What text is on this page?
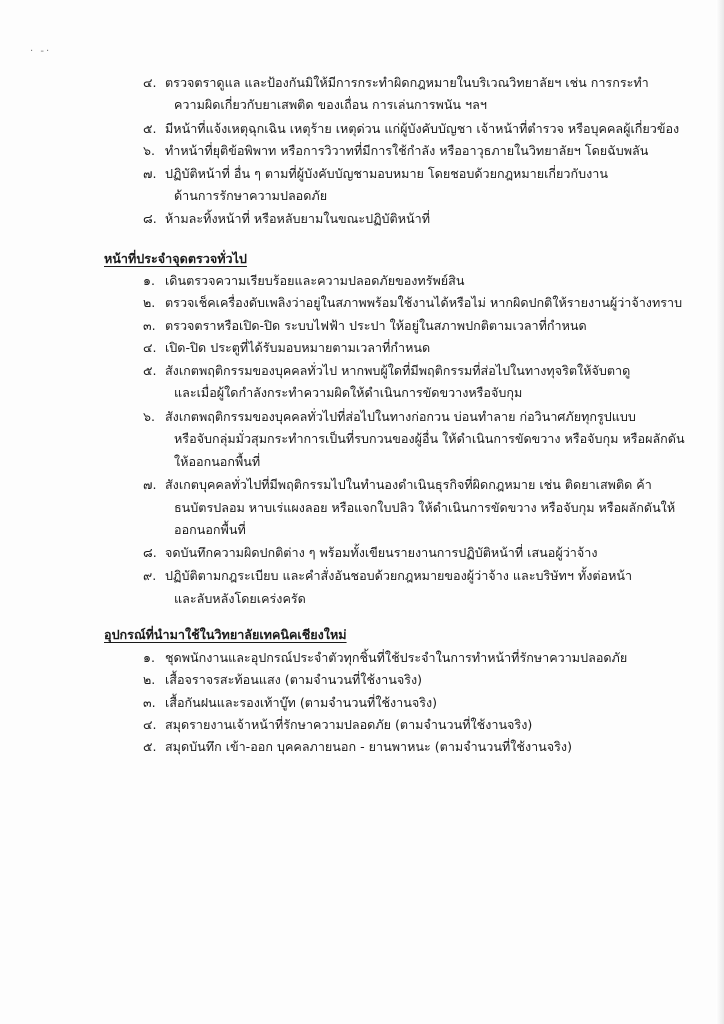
· -·
๔. ตรวจตราดูแล และป้องกันมิให้มีการกระทำผิดกฎหมายในบริเวณวิทยาลัยฯ เช่น การกระทำ
ความผิดเกี่ยวกับยาเสพติด ของเถื่อน การเล่นการพนัน ฯลฯ
๕. มีหน้าที่แจ้งเหตุฉุกเฉิน เหตุร้าย เหตุด่วน แก่ผู้บังคับบัญชา เจ้าหน้าที่ตำรวจ หรือบุคคลผู้เกี่ยวข้อง
๖. ทำหน้าที่ยุติข้อพิพาท หรือการวิวาทที่มีการใช้กำลัง หรืออาวุธภายในวิทยาลัยฯ โดยฉับพลัน
๗. ปฏิบัติหน้าที่ อื่น ๆ ตามที่ผู้บังคับบัญชามอบหมาย โดยชอบด้วยกฎหมายเกี่ยวกับงาน
ด้านการรักษาความปลอดภัย
๘. ห้ามละทิ้งหน้าที่ หรือหลับยามในขณะปฏิบัติหน้าที่
หน้าที่ประจำจุดตรวจทั่วไป
๑. เดินตรวจความเรียบร้อยและความปลอดภัยของทรัพย์สิน
๒. ตรวจเช็คเครื่องดับเพลิงว่าอยู่ในสภาพพร้อมใช้งานได้หรือไม่ หากผิดปกติให้รายงานผู้ว่าจ้างทราบ
๓. ตรวจตราหรือเปิด-ปิด ระบบไฟฟ้า ประปา ให้อยู่ในสภาพปกติตามเวลาที่กำหนด
๔. เปิด-ปิด ประตูที่ได้รับมอบหมายตามเวลาที่กำหนด
๕. สังเกตพฤติกรรมของบุคคลทั่วไป หากพบผู้ใดที่มีพฤติกรรมที่ส่อไปในทางทุจริตให้จับตาดู
และเมื่อผู้ใดกำลังกระทำความผิดให้ดำเนินการขัดขวางหรือจับกุม
๖. สังเกตพฤติกรรมของบุคคลทั่วไปที่ส่อไปในทางก่อกวน บ่อนทำลาย ก่อวินาศภัยทุกรูปแบบ
หรือจับกลุ่มมั่วสุมกระทำการเป็นที่รบกวนของผู้อื่น ให้ดำเนินการขัดขวาง หรือจับกุม หรือผลักดัน
ให้ออกนอกพื้นที่
๗. สังเกตบุคคลทั่วไปที่มีพฤติกรรมไปในทำนองดำเนินธุรกิจที่ผิดกฎหมาย เช่น ติดยาเสพติด ค้า
ธนบัตรปลอม หาบเร่แผงลอย หรือแจกใบปลิว ให้ดำเนินการขัดขวาง หรือจับกุม หรือผลักดันให้
ออกนอกพื้นที่
๘. จดบันทึกความผิดปกติต่าง ๆ พร้อมทั้งเขียนรายงานการปฏิบัติหน้าที่ เสนอผู้ว่าจ้าง
๙. ปฏิบัติตามกฎระเบียบ และคำสั่งอันชอบด้วยกฎหมายของผู้ว่าจ้าง และบริษัทฯ ทั้งต่อหน้า
และลับหลังโดยเคร่งครัด
อุปกรณ์ที่นำมาใช้ในวิทยาลัยเทคนิคเชียงใหม่
๑. ชุดพนักงานและอุปกรณ์ประจำตัวทุกชิ้นที่ใช้ประจำในการทำหน้าที่รักษาความปลอดภัย
๒. เสื้อจราจรสะท้อนแสง (ตามจำนวนที่ใช้งานจริง)
๓. เสื้อกันฝนและรองเท้าบู๊ท (ตามจำนวนที่ใช้งานจริง)
๔. สมุดรายงานเจ้าหน้าที่รักษาความปลอดภัย (ตามจำนวนที่ใช้งานจริง)
๕. สมุดบันทึก เข้า-ออก บุคคลภายนอก - ยานพาหนะ (ตามจำนวนที่ใช้งานจริง)
